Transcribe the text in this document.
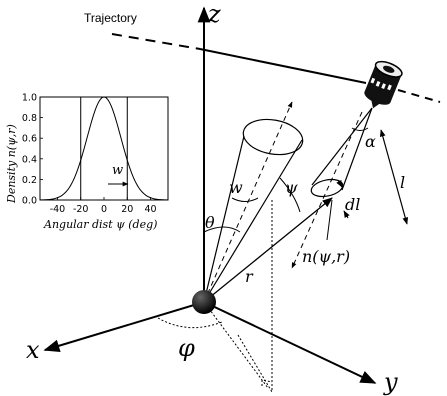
Trajectory	z
x
y
φ
w
θ
ψ
r
α
dl
l
n(ψ,r)
0.0
0.2
0.4
0.6
0.8
1.0
-40 -20 0 20 40
Density n(ψ,r)
Angular dist ψ (deg)
w
